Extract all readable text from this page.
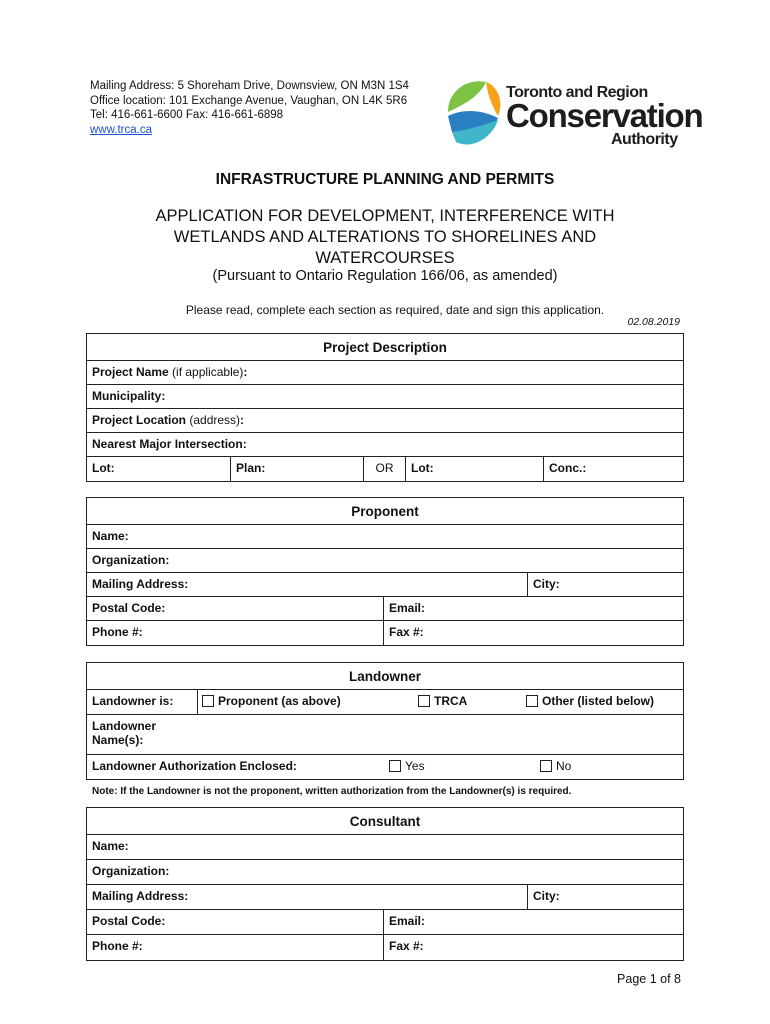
Mailing Address: 5 Shoreham Drive, Downsview, ON M3N 1S4
Office location: 101 Exchange Avenue, Vaughan, ON L4K 5R6
Tel: 416-661-6600 Fax: 416-661-6898
www.trca.ca
Toronto and Region
Conservation
Authority
INFRASTRUCTURE PLANNING AND PERMITS
APPLICATION FOR DEVELOPMENT, INTERFERENCE WITH WETLANDS AND ALTERATIONS TO SHORELINES AND WATERCOURSES
(Pursuant to Ontario Regulation 166/06, as amended)
Please read, complete each section as required, date and sign this application.
02.08.2019
Project Description
Project Name (if applicable):
Municipality:
Project Location (address):
Nearest Major Intersection:
Lot:	Plan:	OR	Lot:	Conc.:
Proponent
Name:
Organization:
Mailing Address:	City:
Postal Code:	Email:
Phone #:	Fax #:
Landowner
Landowner is:	Proponent (as above)	TRCA	Other (listed below)
Landowner
Name(s):
Landowner Authorization Enclosed:	Yes	No
Note: If the Landowner is not the proponent, written authorization from the Landowner(s) is required.
Consultant
Name:
Organization:
Mailing Address:	City:
Postal Code:	Email:
Phone #:	Fax #:
Page 1 of 8
